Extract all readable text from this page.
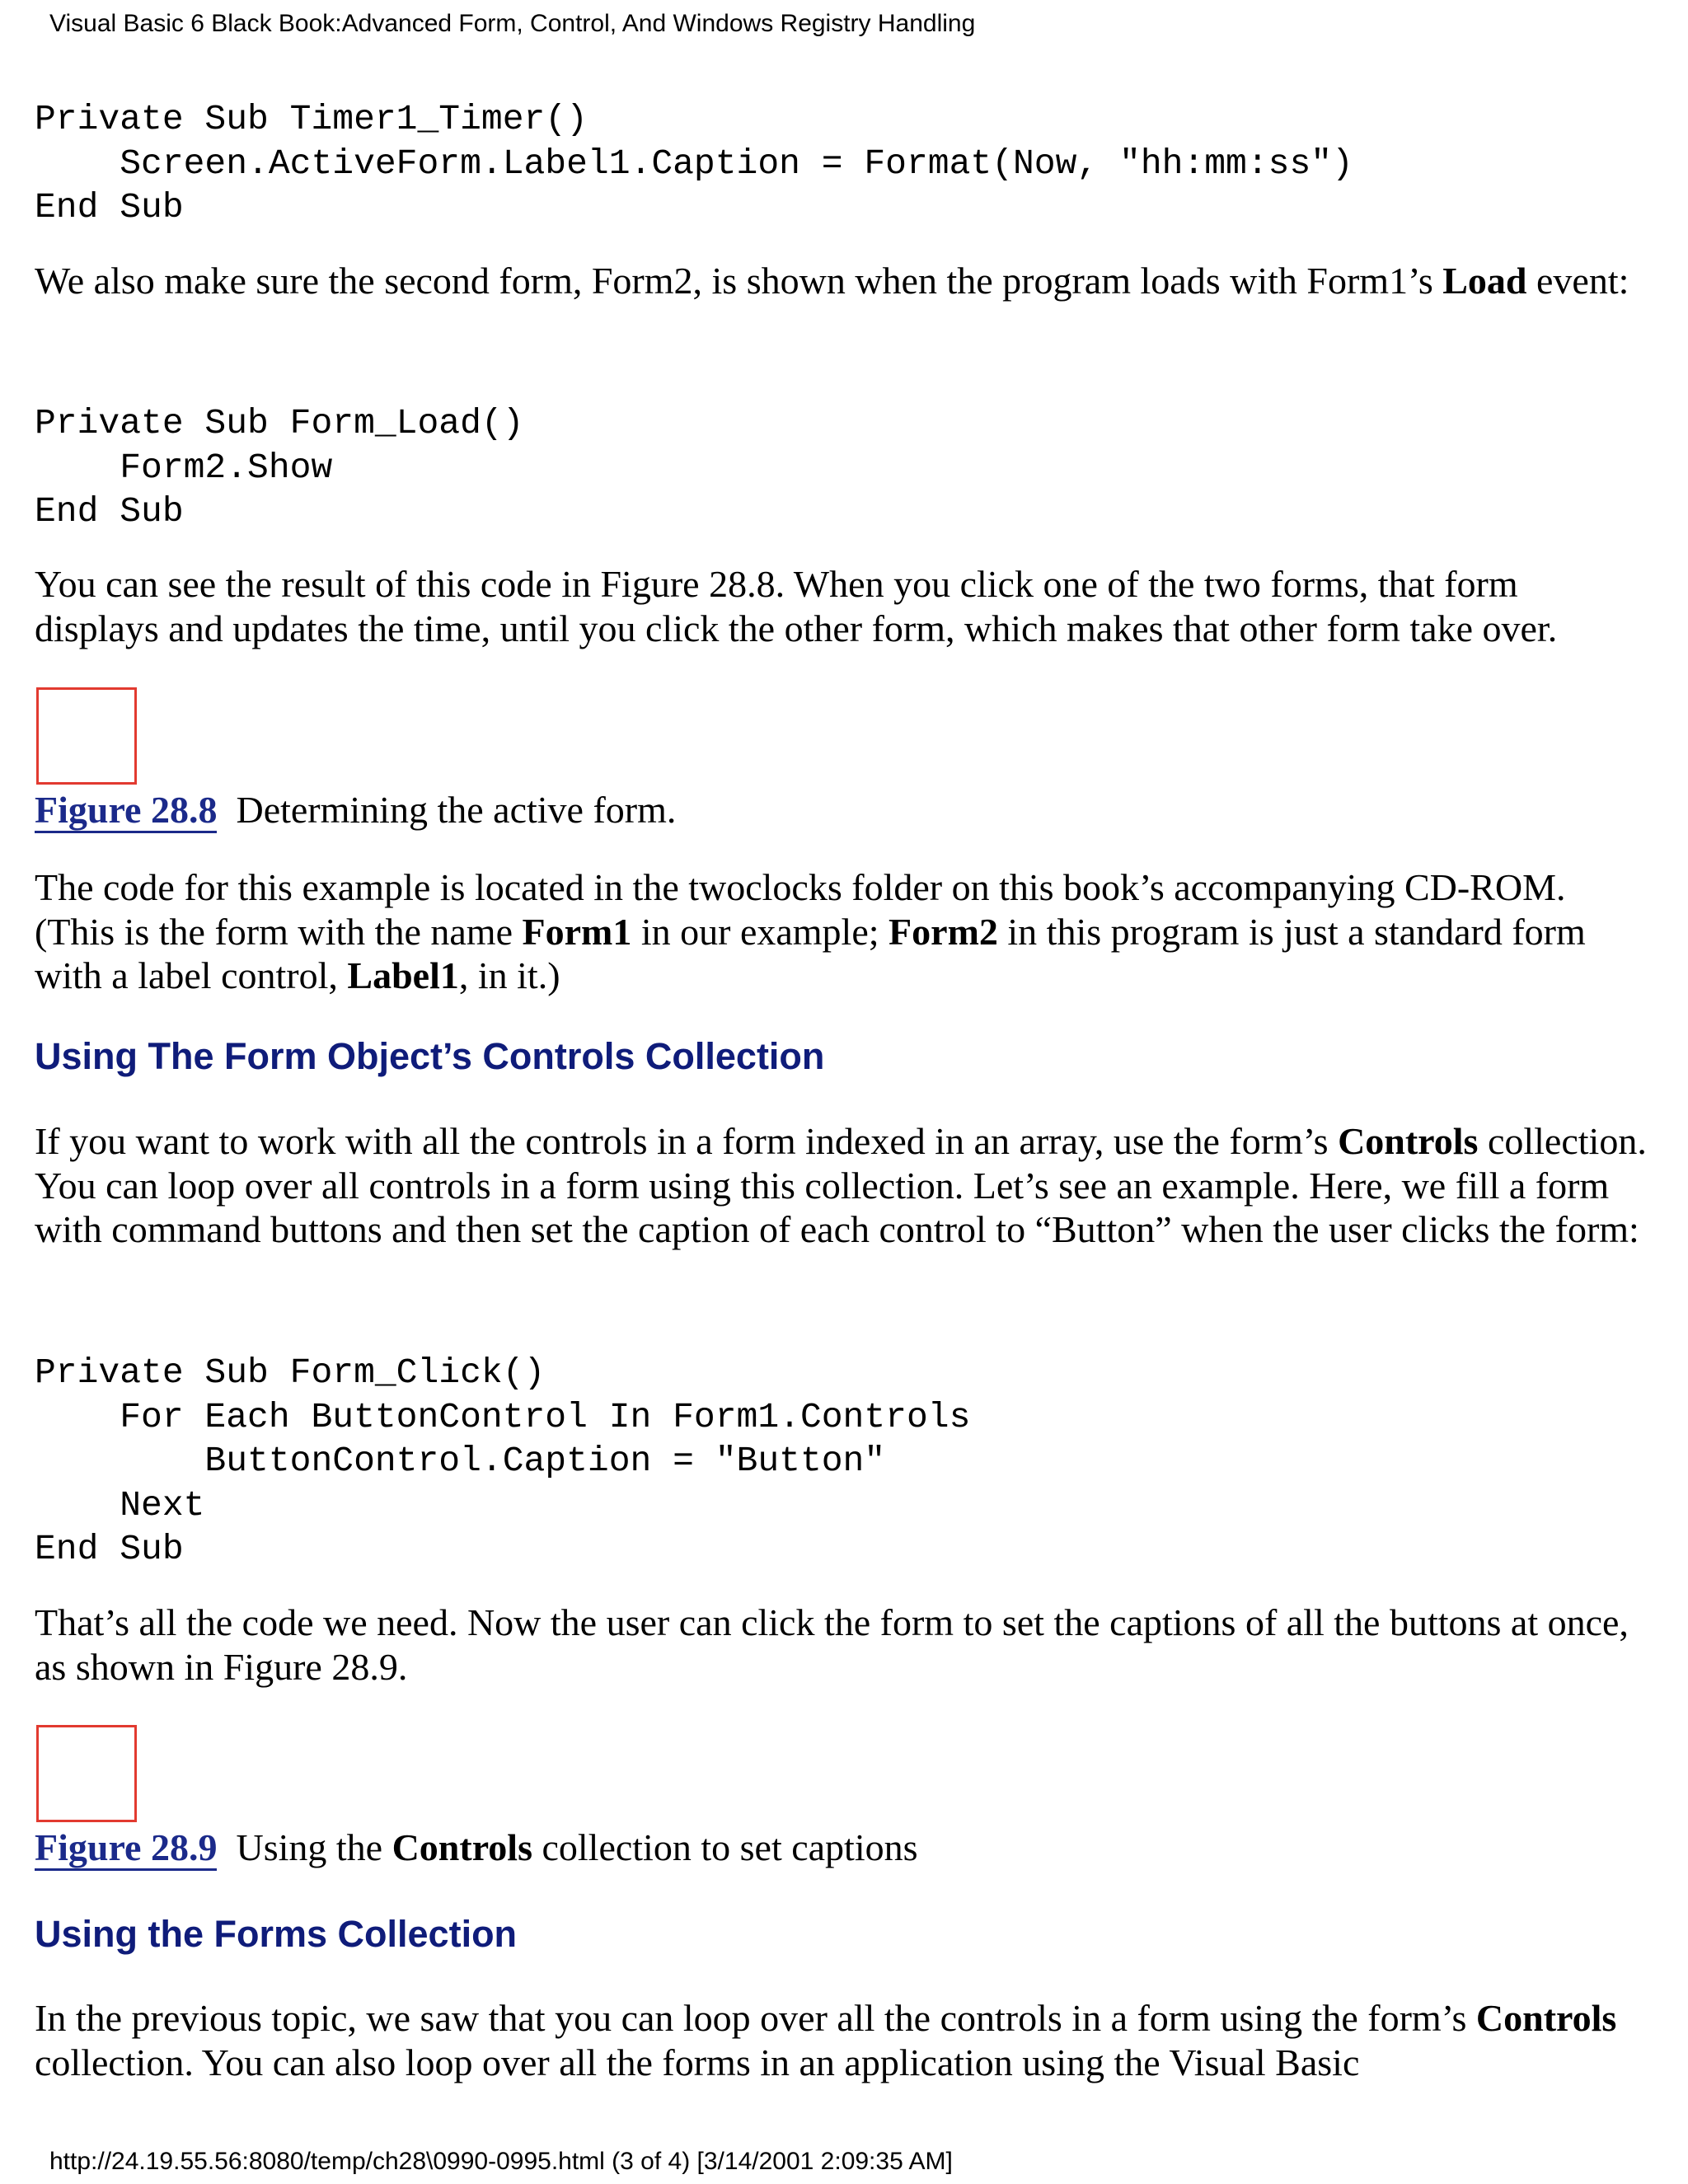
Visual Basic 6 Black Book:Advanced Form, Control, And Windows Registry Handling
Private Sub Timer1_Timer()
Screen.ActiveForm.Label1.Caption = Format(Now, "hh:mm:ss")
End Sub

We also make sure the second form, Form2, is shown when the program loads with Form1’s Load event:

Private Sub Form_Load()
Form2.Show
End Sub

You can see the result of this code in Figure 28.8. When you click one of the two forms, that form displays and updates the time, until you click the other form, which makes that other form take over.

Figure 28.8 Determining the active form.

The code for this example is located in the twoclocks folder on this book’s accompanying CD-ROM. (This is the form with the name Form1 in our example; Form2 in this program is just a standard form with a label control, Label1, in it.)

Using The Form Object’s Controls Collection

If you want to work with all the controls in a form indexed in an array, use the form’s Controls collection. You can loop over all controls in a form using this collection. Let’s see an example. Here, we fill a form with command buttons and then set the caption of each control to “Button” when the user clicks the form:

Private Sub Form_Click()
For Each ButtonControl In Form1.Controls
ButtonControl.Caption = "Button"
Next
End Sub

That’s all the code we need. Now the user can click the form to set the captions of all the buttons at once, as shown in Figure 28.9.

Figure 28.9 Using the Controls collection to set captions
Using the Forms Collection

In the previous topic, we saw that you can loop over all the controls in a form using the form’s Controls collection. You can also loop over all the forms in an application using the Visual Basic

http://24.19.55.56:8080/temp/ch28\0990-0995.html (3 of 4) [3/14/2001 2:09:35 AM]
